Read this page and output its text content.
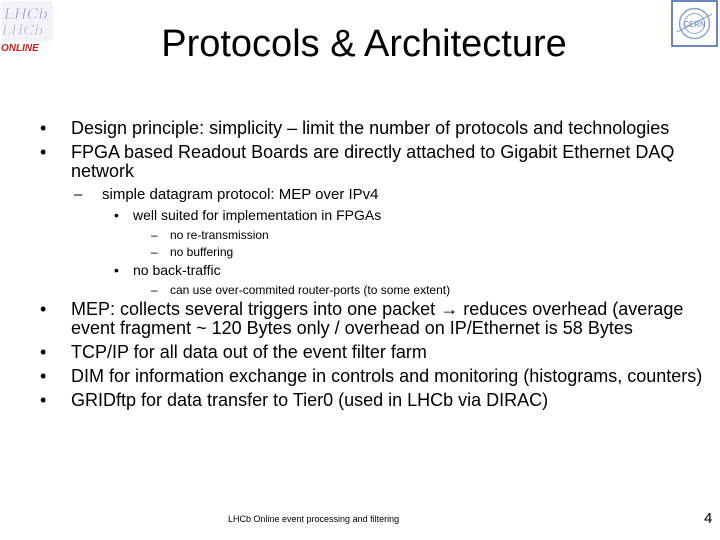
LHCb
LHCb
ONLINE
CERN
Protocols & Architecture
• Design principle: simplicity – limit the number of protocols and technologies
• FPGA based Readout Boards are directly attached to Gigabit Ethernet DAQ network
– simple datagram protocol: MEP over IPv4
• well suited for implementation in FPGAs
– no re-transmission
– no buffering
• no back-traffic
– can use over-commited router-ports (to some extent)
• MEP: collects several triggers into one packet → reduces overhead (average event fragment ~ 120 Bytes only / overhead on IP/Ethernet is 58 Bytes
• TCP/IP for all data out of the event filter farm
• DIM for information exchange in controls and monitoring (histograms, counters)
• GRIDftp for data transfer to Tier0 (used in LHCb via DIRAC)
LHCb Online event processing and filtering	4
